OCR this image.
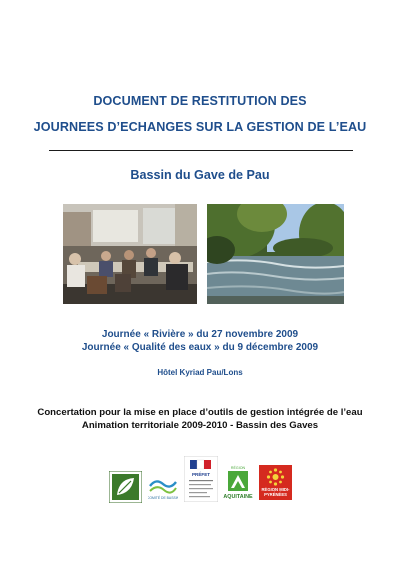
DOCUMENT DE RESTITUTION DES
JOURNEES D’ECHANGES SUR LA GESTION DE L’EAU
Bassin du Gave de Pau
Journée « Rivière » du 27 novembre 2009
Journée « Qualité des eaux » du 9 décembre 2009
Hôtel Kyriad Pau/Lons
Concertation pour la mise en place d’outils de gestion intégrée de l’eau
Animation territoriale 2009-2010 - Bassin des Gaves
COMITÉ DE BASSIN
PRÉFET
RÉGION
AQUITAINE
RÉGION MIDI-PYRÉNÉES
